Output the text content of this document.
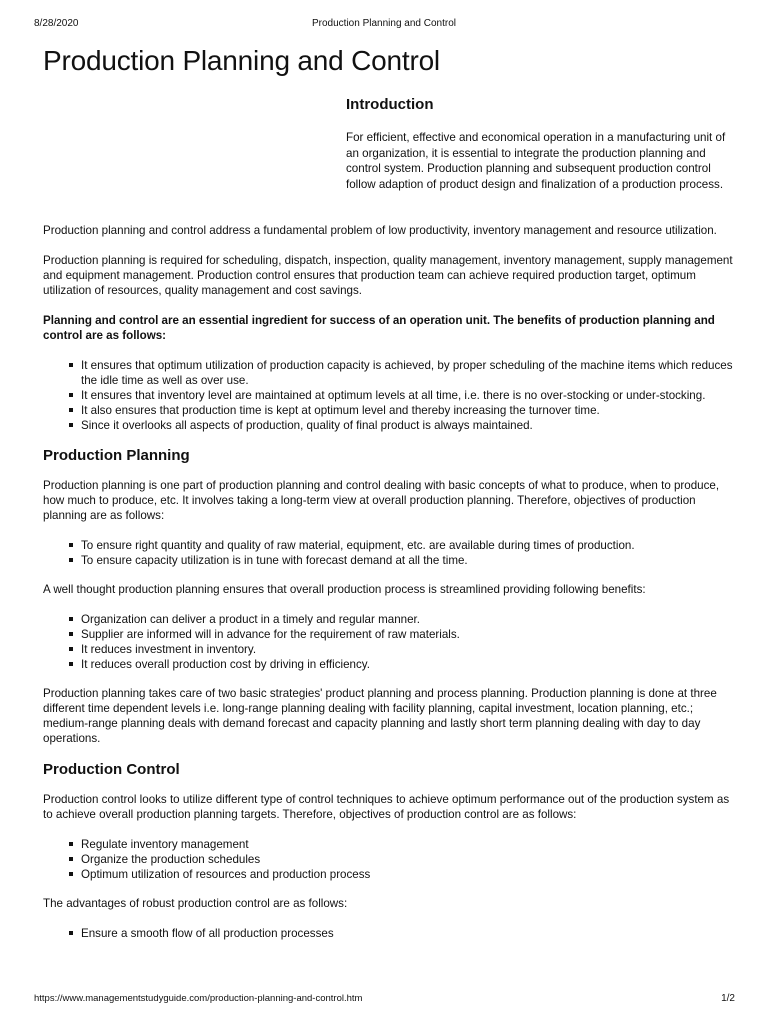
8/28/2020	Production Planning and Control
Production Planning and Control
Introduction

For efficient, effective and economical operation in a manufacturing unit of an organization, it is essential to integrate the production planning and control system. Production planning and subsequent production control follow adaption of product design and finalization of a production process.

Production planning and control address a fundamental problem of low productivity, inventory management and resource utilization.

Production planning is required for scheduling, dispatch, inspection, quality management, inventory management, supply management and equipment management. Production control ensures that production team can achieve required production target, optimum utilization of resources, quality management and cost savings.

Planning and control are an essential ingredient for success of an operation unit. The benefits of production planning and control are as follows:

It ensures that optimum utilization of production capacity is achieved, by proper scheduling of the machine items which reduces the idle time as well as over use.
It ensures that inventory level are maintained at optimum levels at all time, i.e. there is no over-stocking or under-stocking.
It also ensures that production time is kept at optimum level and thereby increasing the turnover time.
Since it overlooks all aspects of production, quality of final product is always maintained.
Production Planning

Production planning is one part of production planning and control dealing with basic concepts of what to produce, when to produce, how much to produce, etc. It involves taking a long-term view at overall production planning. Therefore, objectives of production planning are as follows:

To ensure right quantity and quality of raw material, equipment, etc. are available during times of production.
To ensure capacity utilization is in tune with forecast demand at all the time.

A well thought production planning ensures that overall production process is streamlined providing following benefits:

Organization can deliver a product in a timely and regular manner.
Supplier are informed will in advance for the requirement of raw materials.
It reduces investment in inventory.
It reduces overall production cost by driving in efficiency.

Production planning takes care of two basic strategies' product planning and process planning. Production planning is done at three different time dependent levels i.e. long-range planning dealing with facility planning, capital investment, location planning, etc.; medium-range planning deals with demand forecast and capacity planning and lastly short term planning dealing with day to day operations.

Production Control

Production control looks to utilize different type of control techniques to achieve optimum performance out of the production system as to achieve overall production planning targets. Therefore, objectives of production control are as follows:

Regulate inventory management
Organize the production schedules
Optimum utilization of resources and production process

The advantages of robust production control are as follows:

Ensure a smooth flow of all production processes
https://www.managementstudyguide.com/production-planning-and-control.htm	1/2
